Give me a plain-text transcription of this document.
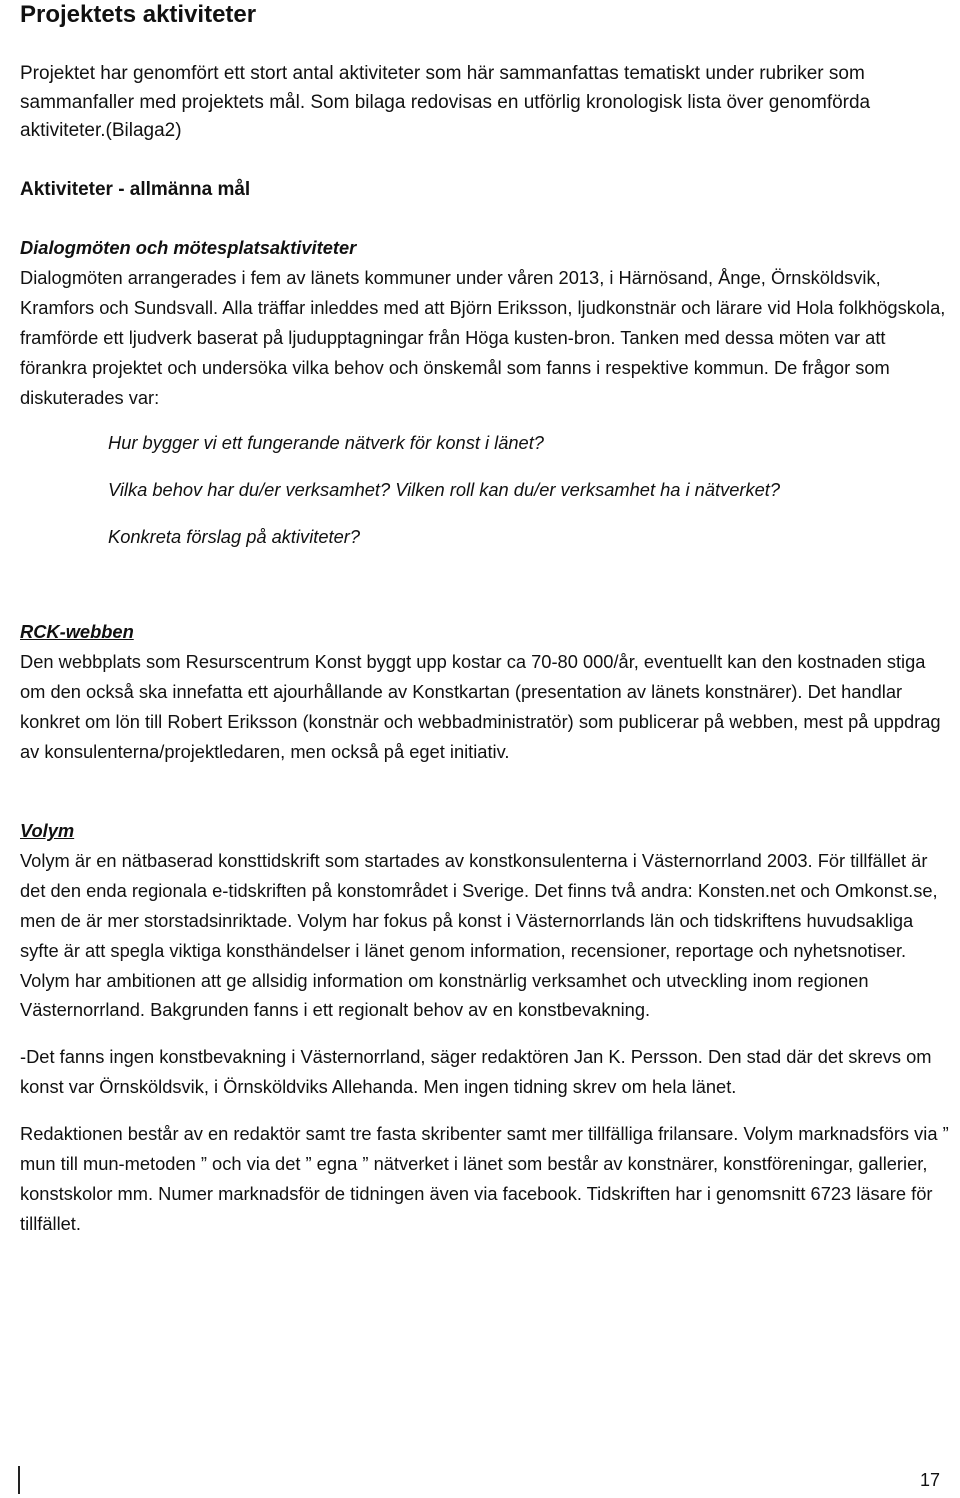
Projektets aktiviteter

Projektet har genomfört ett stort antal aktiviteter som här sammanfattas tematiskt under rubriker som sammanfaller med projektets mål. Som bilaga redovisas en utförlig kronologisk lista över genomförda aktiviteter.(Bilaga2)

Aktiviteter - allmänna mål

Dialogmöten och mötesplatsaktiviteter

Dialogmöten arrangerades i fem av länets kommuner under våren 2013, i Härnösand, Ånge, Örnsköldsvik, Kramfors och Sundsvall. Alla träffar inleddes med att Björn Eriksson, ljudkonstnär och lärare vid Hola folkhögskola, framförde ett ljudverk baserat på ljudupptagningar från Höga kusten-bron. Tanken med dessa möten var att förankra projektet och undersöka vilka behov och önskemål som fanns i respektive kommun. De frågor som diskuterades var:

Hur bygger vi ett fungerande nätverk för konst i länet?
Vilka behov har du/er verksamhet? Vilken roll kan du/er verksamhet ha i nätverket?
Konkreta förslag på aktiviteter?

RCK-webben

Den webbplats som Resurscentrum Konst byggt upp kostar ca 70-80 000/år, eventuellt kan den kostnaden stiga om den också ska innefatta ett ajourhållande av Konstkartan (presentation av länets konstnärer). Det handlar konkret om lön till Robert Eriksson (konstnär och webbadministratör) som publicerar på webben, mest på uppdrag av konsulenterna/projektledaren, men också på eget initiativ.

Volym

Volym är en nätbaserad konsttidskrift som startades av konstkonsulenterna i Västernorrland 2003. För tillfället är det den enda regionala e-tidskriften på konstområdet i Sverige. Det finns två andra: Konsten.net och Omkonst.se, men de är mer storstadsinriktade. Volym har fokus på konst i Västernorrlands län och tidskriftens huvudsakliga syfte är att spegla viktiga konsthändelser i länet genom information, recensioner, reportage och nyhetsnotiser. Volym har ambitionen att ge allsidig information om konstnärlig verksamhet och utveckling inom regionen Västernorrland. Bakgrunden fanns i ett regionalt behov av en konstbevakning.

-Det fanns ingen konstbevakning i Västernorrland, säger redaktören Jan K. Persson. Den stad där det skrevs om konst var Örnsköldsvik, i Örnsköldviks Allehanda. Men ingen tidning skrev om hela länet.

Redaktionen består av en redaktör samt tre fasta skribenter samt mer tillfälliga frilansare. Volym marknadsförs via ” mun till mun-metoden ” och via det ” egna ” nätverket i länet som består av konstnärer, konstföreningar, gallerier, konstskolor mm. Numer marknadsför de tidningen även via facebook. Tidskriften har i genomsnitt 6723 läsare för tillfället.

17
